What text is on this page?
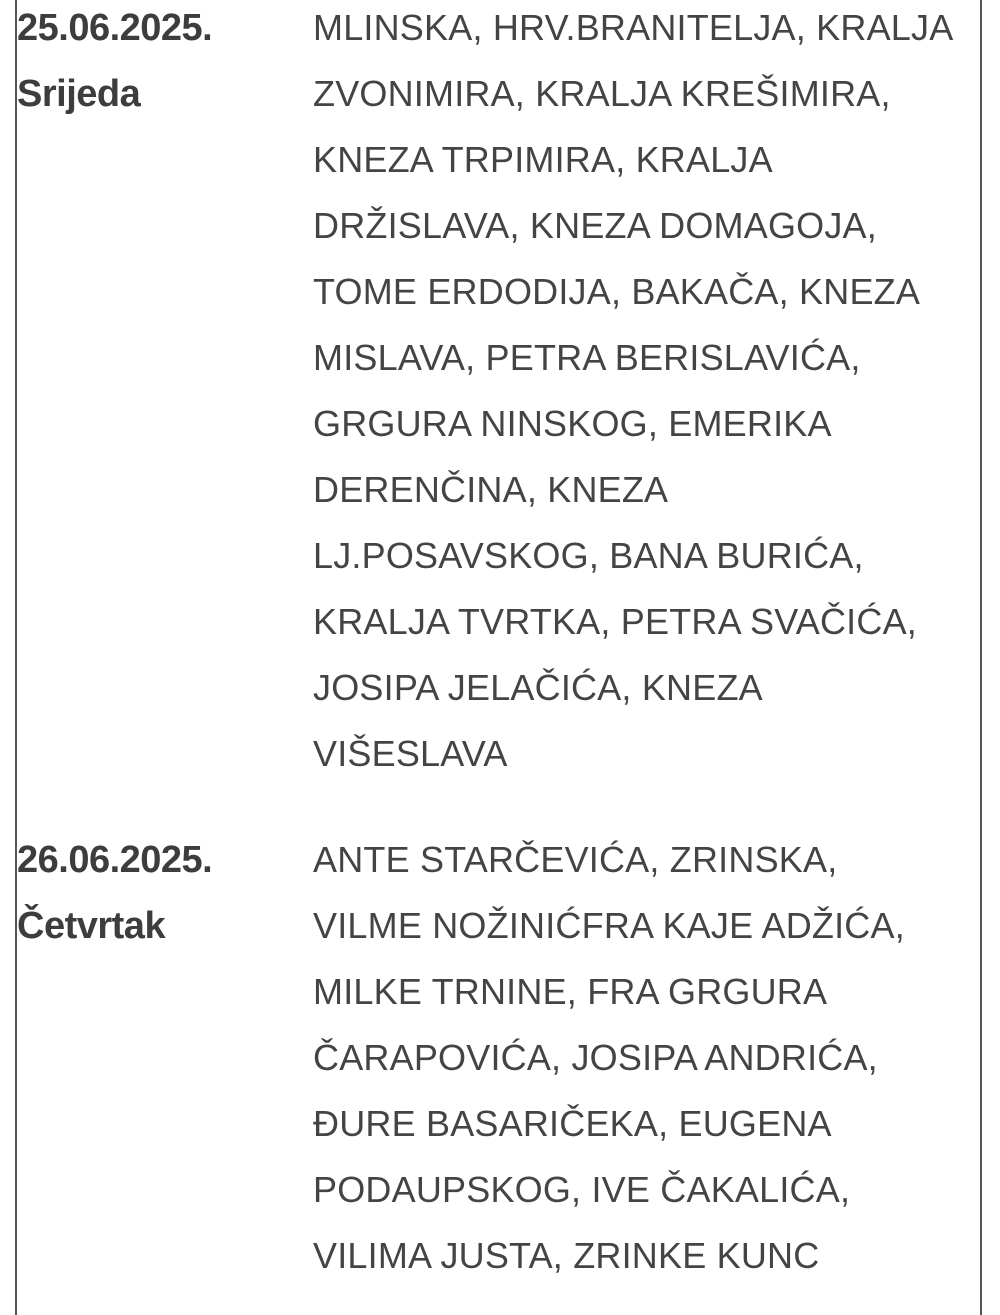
25.06.2025.
Srijeda
MLINSKA, HRV.BRANITELJA, KRALJA
ZVONIMIRA, KRALJA KREŠIMIRA,
KNEZA TRPIMIRA, KRALJA
DRŽISLAVA, KNEZA DOMAGOJA,
TOME ERDODIJA, BAKAČA, KNEZA
MISLAVA, PETRA BERISLAVIĆA,
GRGURA NINSKOG, EMERIKA
DERENČINA, KNEZA
LJ.POSAVSKOG, BANA BURIĆA,
KRALJA TVRTKA, PETRA SVAČIĆA,
JOSIPA JELAČIĆA, KNEZA
VIŠESLAVA
26.06.2025.
Četvrtak
ANTE STARČEVIĆA, ZRINSKA,
VILME NOŽINIĆFRA KAJE ADŽIĆA,
MILKE TRNINE, FRA GRGURA
ČARAPOVIĆA, JOSIPA ANDRIĆA,
ĐURE BASARIČEKA, EUGENA
PODAUPSKOG, IVE ČAKALIĆA,
VILIMA JUSTA, ZRINKE KUNC
